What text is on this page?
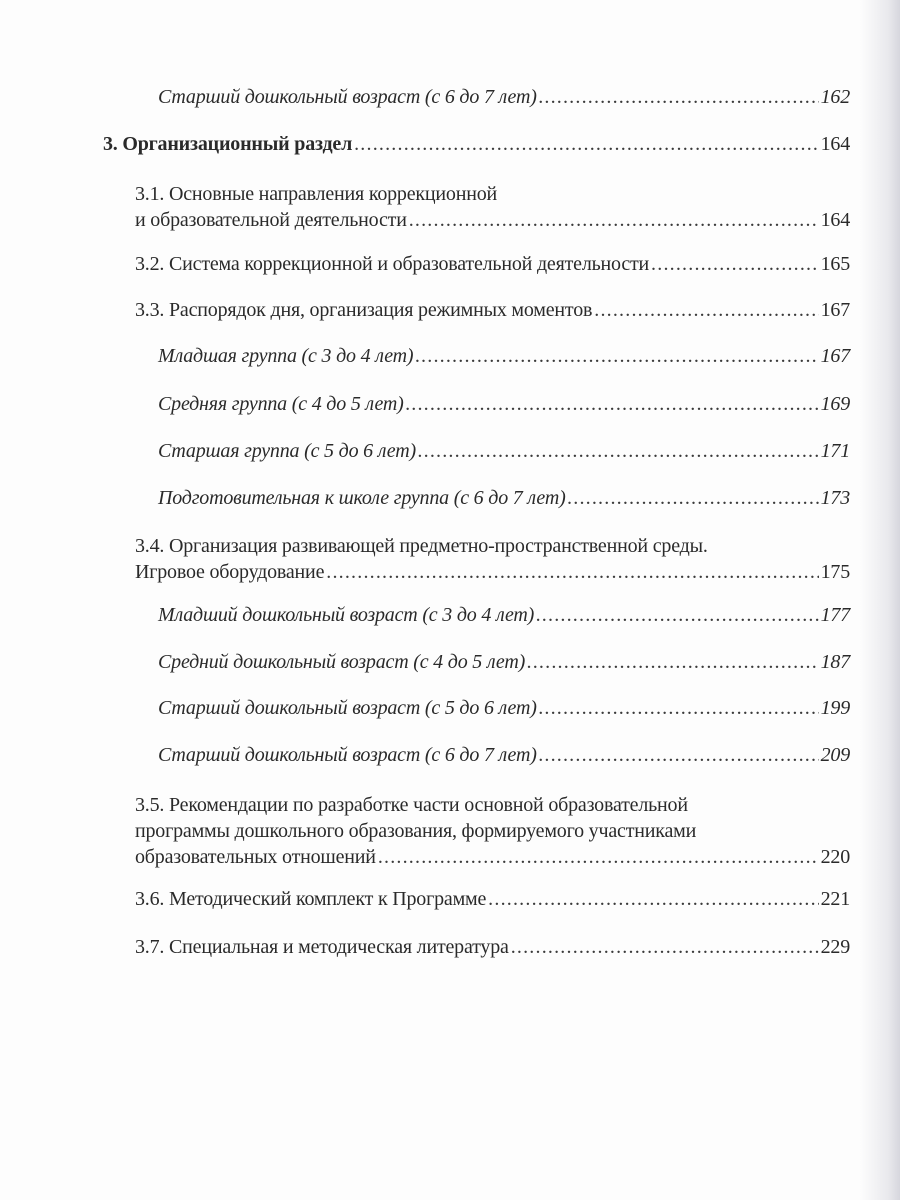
Старший дошкольный возраст (с 6 до 7 лет) .....	162
3. Организационный раздел .....	164
3.1. Основные направления коррекционной
и образовательной деятельности .....	164
3.2. Система коррекционной и образовательной деятельности .....	165
3.3. Распорядок дня, организация режимных моментов .....	167
Младшая группа (с 3 до 4 лет) .....	167
Средняя группа (с 4 до 5 лет) .....	169
Старшая группа (с 5 до 6 лет) .....	171
Подготовительная к школе группа (с 6 до 7 лет) .....	173
3.4. Организация развивающей предметно-пространственной среды.
Игровое оборудование .....	175
Младший дошкольный возраст (с 3 до 4 лет) .....	177
Средний дошкольный возраст (с 4 до 5 лет) .....	187
Старший дошкольный возраст (с 5 до 6 лет) .....	199
Старший дошкольный возраст (с 6 до 7 лет) .....	209
3.5. Рекомендации по разработке части основной образовательной
программы дошкольного образования, формируемого участниками
образовательных отношений .....	220
3.6. Методический комплект к Программе .....	221
3.7. Специальная и методическая литература .....	229
